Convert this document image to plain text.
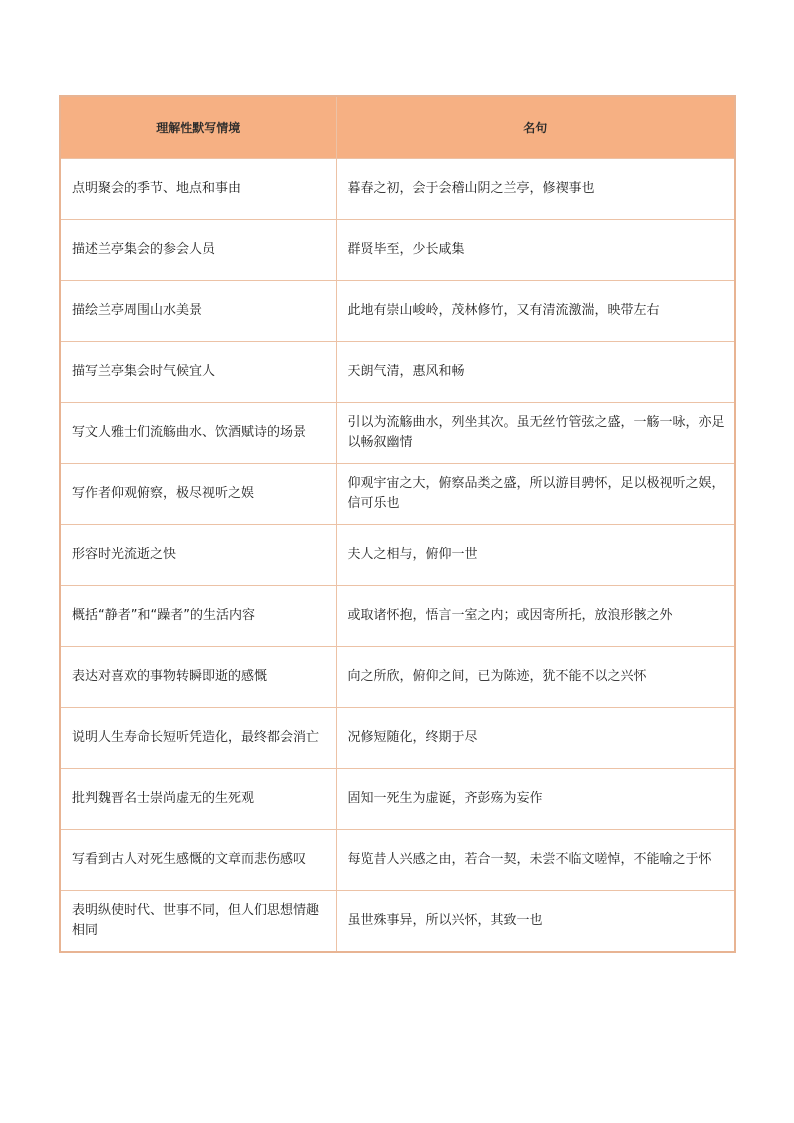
理解性默写情境	名句
点明聚会的季节、地点和事由	暮春之初，会于会稽山阴之兰亭，修禊事也
描述兰亭集会的参会人员	群贤毕至，少长咸集
描绘兰亭周围山水美景	此地有崇山峻岭，茂林修竹，又有清流激湍，映带左右
描写兰亭集会时气候宜人	天朗气清，惠风和畅
写文人雅士们流觞曲水、饮酒赋诗的场景	引以为流觞曲水，列坐其次。虽无丝竹管弦之盛，一觞一咏，亦足以畅叙幽情
写作者仰观俯察，极尽视听之娱	仰观宇宙之大，俯察品类之盛，所以游目骋怀，足以极视听之娱，信可乐也
形容时光流逝之快	夫人之相与，俯仰一世
概括“静者”和“躁者”的生活内容	或取诸怀抱，悟言一室之内；或因寄所托，放浪形骸之外
表达对喜欢的事物转瞬即逝的感慨	向之所欣，俯仰之间，已为陈迹，犹不能不以之兴怀
说明人生寿命长短听凭造化，最终都会消亡	况修短随化，终期于尽
批判魏晋名士崇尚虚无的生死观	固知一死生为虚诞，齐彭殇为妄作
写看到古人对死生感慨的文章而悲伤感叹	每览昔人兴感之由，若合一契，未尝不临文嗟悼，不能喻之于怀
表明纵使时代、世事不同，但人们思想情趣相同	虽世殊事异，所以兴怀，其致一也
